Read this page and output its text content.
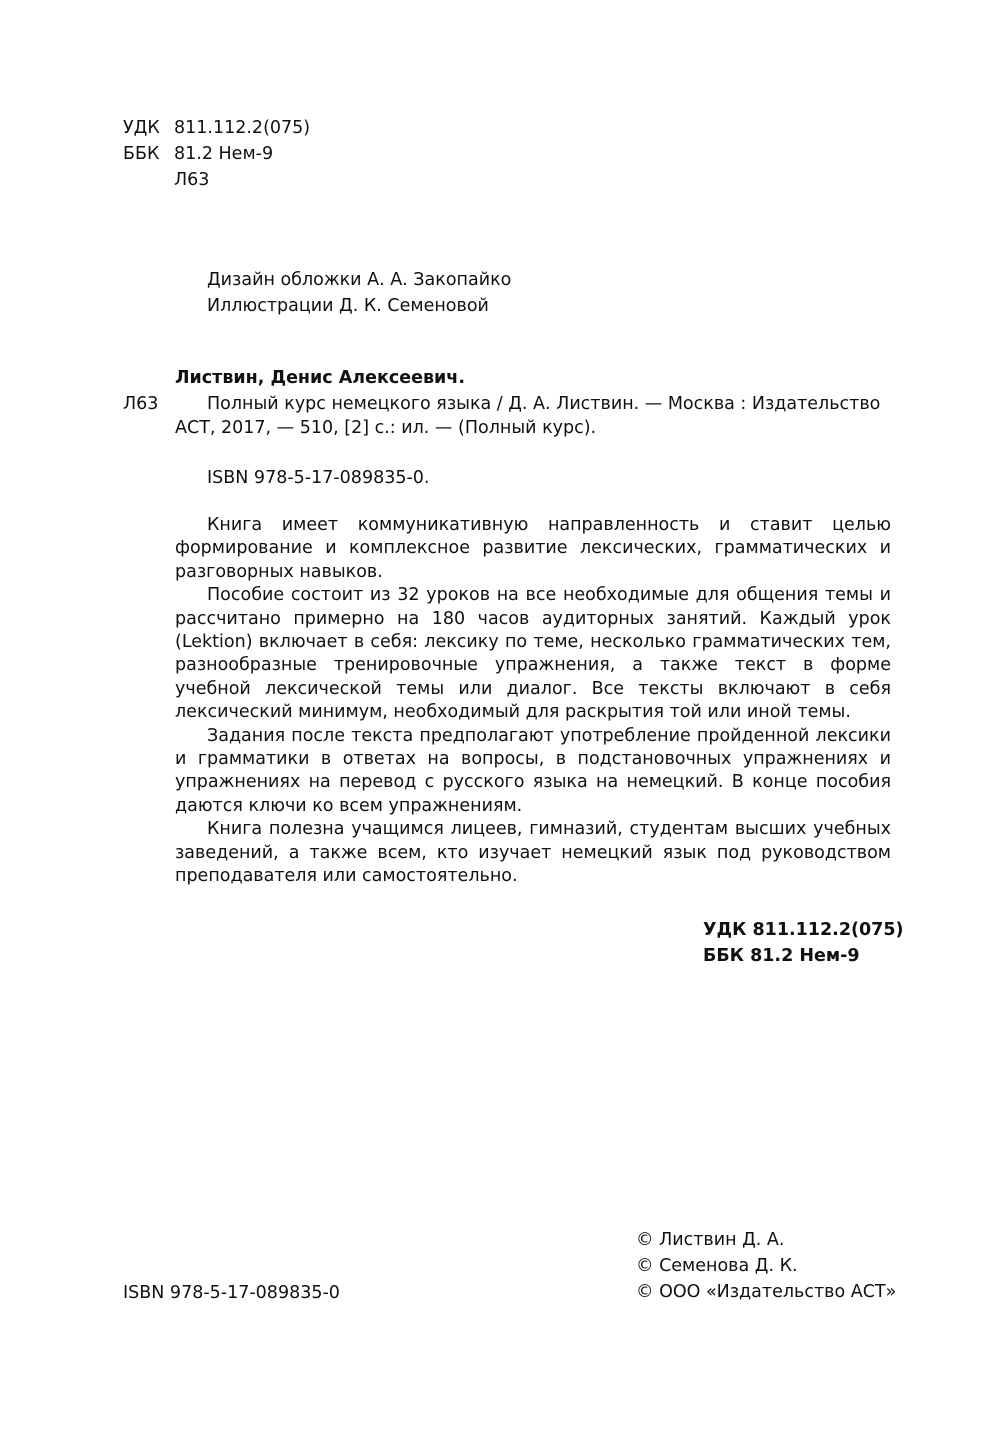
УДК 811.112.2(075)
ББК 81.2 Нем-9
Л63
Дизайн обложки А. А. Закопайко
Иллюстрации Д. К. Семеновой
Листвин, Денис Алексеевич.
Л63	Полный курс немецкого языка / Д. А. Листвин. — Москва : Издательство
АСТ, 2017, — 510, [2] с.: ил. — (Полный курс).
ISBN 978-5-17-089835-0.

Книга имеет коммуникативную направленность и ставит целью формирование и комплексное развитие лексических, грамматических и разговорных навыков.

Пособие состоит из 32 уроков на все необходимые для общения темы и рассчитано примерно на 180 часов аудиторных занятий. Каждый урок (Lektion) включает в себя: лексику по теме, несколько грамматических тем, разнообразные тренировочные упражнения, а также текст в форме учебной лексической темы или диалог. Все тексты включают в себя лексический минимум, необходимый для раскрытия той или иной темы.

Задания после текста предполагают употребление пройденной лексики и грамматики в ответах на вопросы, в подстановочных упражнениях и упражнениях на перевод с русского языка на немецкий. В конце пособия даются ключи ко всем упражнениям.

Книга полезна учащимся лицеев, гимназий, студентам высших учебных заведений, а также всем, кто изучает немецкий язык под руководством преподавателя или самостоятельно.

УДК 811.112.2(075)
ББК 81.2 Нем-9
© Листвин Д. А.
© Семенова Д. К.
© ООО «Издательство АСТ»
ISBN 978-5-17-089835-0
